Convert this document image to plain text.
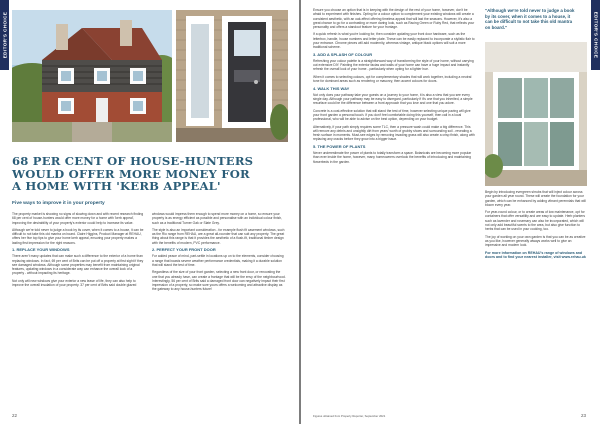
EDITOR'S CHOICE
68 PER CENT OF HOUSE-HUNTERS
WOULD OFFER MORE MONEY FOR
A HOME WITH 'KERB APPEAL'
Five ways to improve it in your property

The property market is showing no signs of slowing down and with recent research finding 68 per cent of house-hunters would offer more money for a home with 'kerb appeal', improving the desirability of your property's exterior could help to increase its value.

Although we're told never to judge a book by its cover, when it comes to a house, it can be difficult to not take this old mantra on board. Claire Higgins, Product Manager at REHAU, offers her five top tips to give your home kerb appeal, ensuring your property makes a lasting first impression for the right reasons.

1. REPLACE YOUR WINDOWS

There aren't many updates that can make such a difference to the exterior of a home than replacing windows. In fact, 69 per cent of Brits can be put off a property at first sight if they see damaged windows. Although some properties may benefit from maintaining original features, updating windows in a considerate way can enhance the overall look of a property - without impacting its heritage.

Not only will new windows give your exterior a new lease of life, they can also help to improve the overall insulation of your property. 37 per cent of Brits said double glazed

windows would impress them enough to spend more money on a home, so ensure your property is as energy efficient as possible and personalise with an individual colour finish, such as a traditional Turner Oak or Slate Grey.

The style is also an important consideration - for example flush fit casement windows, such as the Rio range from REHAU, are a great all-rounder that can suit any property. The great thing about this range is that it provides the aesthetic of a flush-fit, traditional timber design with the benefits of modern, PVC performance.

2. PERFECT YOUR FRONT DOOR

For added peace of mind, part-settle in locations up on to the elements, consider choosing a range that boasts severe weather performance credentials, making it a durable solution that will stand the test of time.

Regardless of the size of your front garden, selecting a new front door, or renovating the one that you already have, can create a frontage that will be the envy of the neighbourhood. Interestingly, 56 per cent of Brits said a damaged front door can negatively impact their first impression of a property, so make sure yours offers a welcoming and attractive display as the gateway to any house-hunters future!

22
EDITOR'S CHOICE

Ensure you choose an option that is in keeping with the design of the rest of your home, however, don't be afraid to experiment with finishes. Opting for a colour option to complement your existing windows will create a consistent aesthetic, with an oak-effect offering timeless appeal that will last the seasons. However, it's also a great chance to go for a contrasting or more daring look, such as Racing Green or Ruby Red, that reflects your personality and offers a standout feature for your frontage.

If a quick refresh is what you're looking for, then consider updating your front door hardware, such as the letterbox, handle, house numbers and letter plate. These can be easily replaced to incorporate a stylistic flair to your entrance. Chrome pieces will add modernity, whereas vintage, antique black options will suit a more traditional scheme.

3. ADD A SPLASH OF COLOUR

Refreshing your colour palette is a straightforward way of transforming the style of your home, without carrying out extensive DIY. Painting the exterior facias and walls of your home can have a huge impact and instantly refresh the overall look of your home - particularly when opting for a lighter hue.

When it comes to selecting colours, opt for complementary shades that will work together, including a neutral tone for dominant areas such as rendering or masonry, then accent colours for doors.

4. WALK THIS WAY

Not only does your pathway take your guests on a journey to your home, it is also a view that you see every single day. Although your pathway may be easy to disregard, particularly if it's one that you inherited, a simple resurface could be the difference between a front approach that you love and one that you adore.

Concrete is a cost-effective solution that will stand the test of time, however selecting unique paving will give your front garden a personal touch. If you don't feel comfortable doing this yourself, then call in a local professional, who will be able to advise on the best option, depending on your budget.

Alternatively, if your path simply requires some TLC, then a pressure wash could make a big difference. This will remove any debris and unsightly dirt from years' worth of grubby shoes and surrounding soil - revealing a fresh surface in moments. Must-see edges by removing invading grass will also create a crisp finish, along with replacing any cracks before they grow into a bigger issue.

5. THE POWER OF PLANTS

Never underestimate the power of plants to totally transform a space. Botanicals are becoming more popular than ever inside the home, however, many homeowners overlook the benefits of introducing and maintaining flowerbeds in the garden.

"Although we're told never to judge a book by its cover, when it comes to a house, it can be difficult to not take this old mantra on board."

Begin by introducing evergreen shrubs that will inject colour across your garden all year round. These will create the foundation for your garden, which can be enhanced by adding vibrant perennials that will bloom every year.

For year-round colour, or to create areas of low maintenance, opt for containers that offer versatility and are easy to update. Herb planters such as lavender and rosemary can also be incorporated, which will not only add beautiful scents to the area, but also give function to herbs that can be used in your cooking, too.

The joy of working on your own garden is that you can be as creative as you like, however generally always works well to give an impressive and modern look.

For more information on REHAU's range of windows and doors and to find your nearest installer, visit www.rehau.uk
Figures obtained from Property Reporter, September 2021	23
